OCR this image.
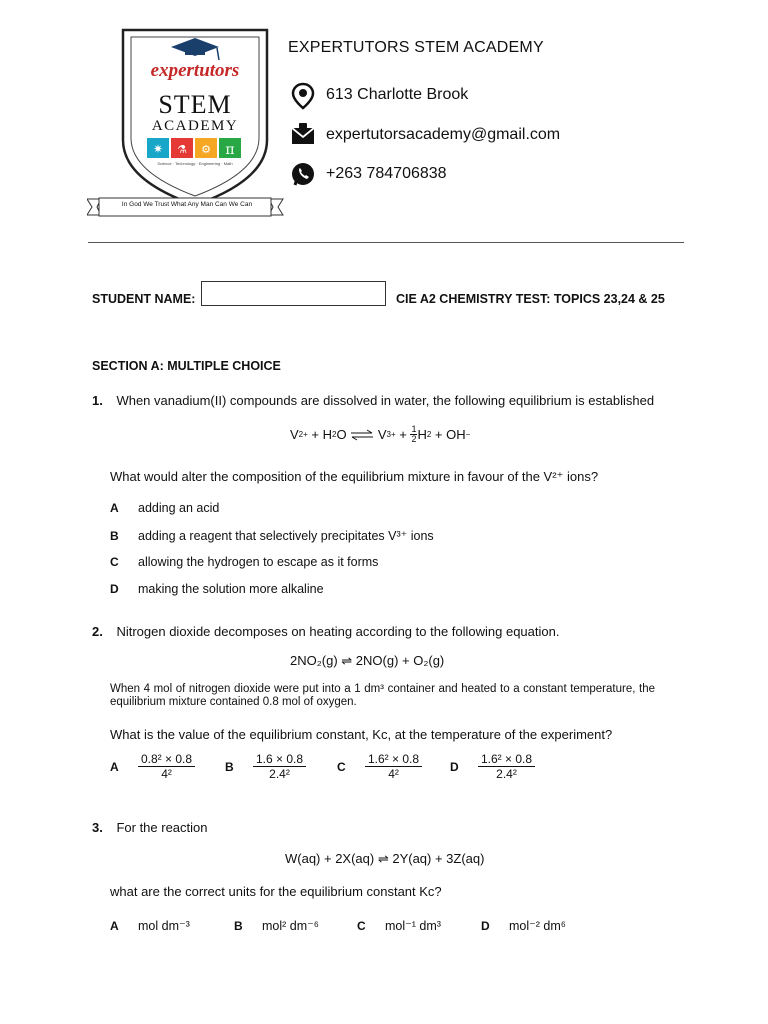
✷ ⚗ ⚙ π
expertutors
STEM
ACADEMY
Science · Technology · Engineering · Math
In God We Trust What Any Man Can We Can
EXPERTUTORS STEM ACADEMY
613 Charlotte Brook
expertutorsacademy@gmail.com
+263 784706838
STUDENT NAME:	CIE A2 CHEMISTRY TEST: TOPICS 23,24 & 25
SECTION A: MULTIPLE CHOICE
1. When vanadium(II) compounds are dissolved in water, the following equilibrium is established
V 2+ + H 2 O ⇌ V $3+ + \frac{1}{2}$ H 2 + OH −
What would alter the composition of the equilibrium mixture in favour of the V²⁺ ions?
A adding an acid
B adding a reagent that selectively precipitates V³⁺ ions
C allowing the hydrogen to escape as it forms
D making the solution more alkaline
2. Nitrogen dioxide decomposes on heating according to the following equation.
2NO₂(g) ⇌ 2NO(g) + O₂(g)
When 4 mol of nitrogen dioxide were put into a 1 dm³ container and heated to a constant temperature, the equilibrium mixture contained 0.8 mol of oxygen.
What is the value of the equilibrium constant, Kc, at the temperature of the experiment?
A	$\frac{\text{0.8² × 0.8}}{\text{4²}}$ B	$\frac{1.6 \times 0.8}{\text{2.4²}}$	C	$\frac{\text{1.6² × 0.8}}{\text{4²}}$ D	$\frac{\text{1.6² × 0.8}}{\text{2.4²}}$
3. For the reaction
W(aq) + 2X(aq) ⇌ 2Y(aq) + 3Z(aq)
what are the correct units for the equilibrium constant Kc?
A mol dm⁻³	B mol² dm⁻⁶	C mol⁻¹ dm³	D mol⁻² dm⁶
